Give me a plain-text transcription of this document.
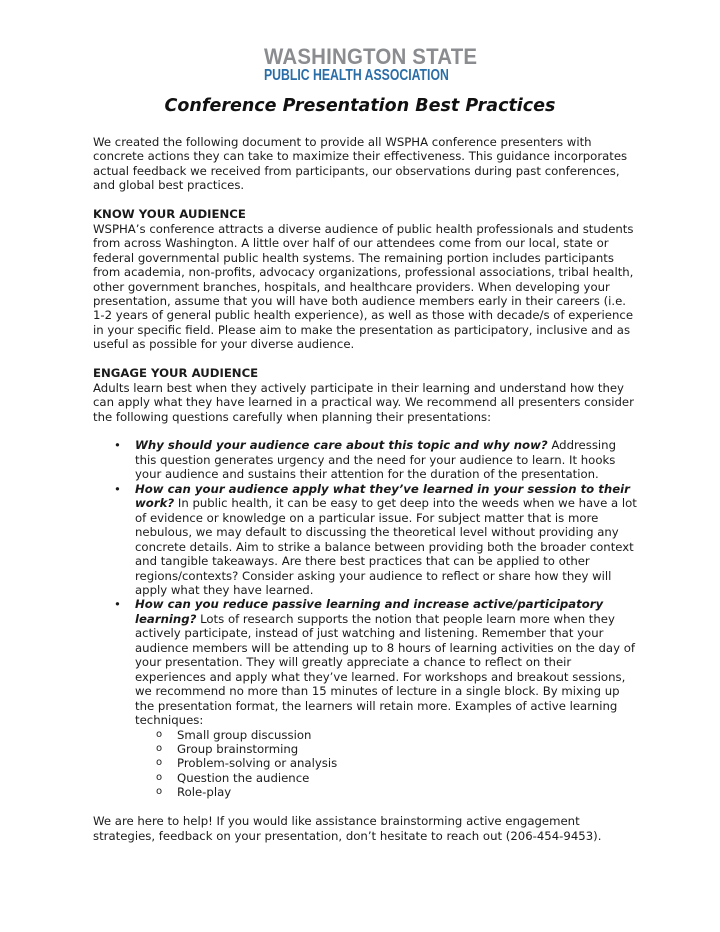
WASHINGTON STATE
PUBLIC HEALTH ASSOCIATION
Conference Presentation Best Practices

We created the following document to provide all WSPHA conference presenters with concrete actions they can take to maximize their effectiveness. This guidance incorporates actual feedback we received from participants, our observations during past conferences, and global best practices.

KNOW YOUR AUDIENCE

WSPHA’s conference attracts a diverse audience of public health professionals and students from across Washington. A little over half of our attendees come from our local, state or federal governmental public health systems. The remaining portion includes participants from academia, non-profits, advocacy organizations, professional associations, tribal health, other government branches, hospitals, and healthcare providers. When developing your presentation, assume that you will have both audience members early in their careers (i.e. 1-2 years of general public health experience), as well as those with decade/s of experience in your specific field. Please aim to make the presentation as participatory, inclusive and as useful as possible for your diverse audience.

ENGAGE YOUR AUDIENCE

Adults learn best when they actively participate in their learning and understand how they can apply what they have learned in a practical way. We recommend all presenters consider the following questions carefully when planning their presentations:

• Why should your audience care about this topic and why now? Addressing this question generates urgency and the need for your audience to learn. It hooks your audience and sustains their attention for the duration of the presentation.
• How can your audience apply what they’ve learned in your session to their work? In public health, it can be easy to get deep into the weeds when we have a lot of evidence or knowledge on a particular issue. For subject matter that is more nebulous, we may default to discussing the theoretical level without providing any concrete details. Aim to strike a balance between providing both the broader context and tangible takeaways. Are there best practices that can be applied to other regions/contexts? Consider asking your audience to reflect or share how they will apply what they have learned.
• How can you reduce passive learning and increase active/participatory learning? Lots of research supports the notion that people learn more when they actively participate, instead of just watching and listening. Remember that your audience members will be attending up to 8 hours of learning activities on the day of your presentation. They will greatly appreciate a chance to reflect on their experiences and apply what they’ve learned. For workshops and breakout sessions, we recommend no more than 15 minutes of lecture in a single block. By mixing up the presentation format, the learners will retain more. Examples of active learning techniques:
o Small group discussion
o Group brainstorming
o Problem-solving or analysis
o Question the audience
o Role-play

We are here to help! If you would like assistance brainstorming active engagement strategies, feedback on your presentation, don’t hesitate to reach out (206-454-9453).
